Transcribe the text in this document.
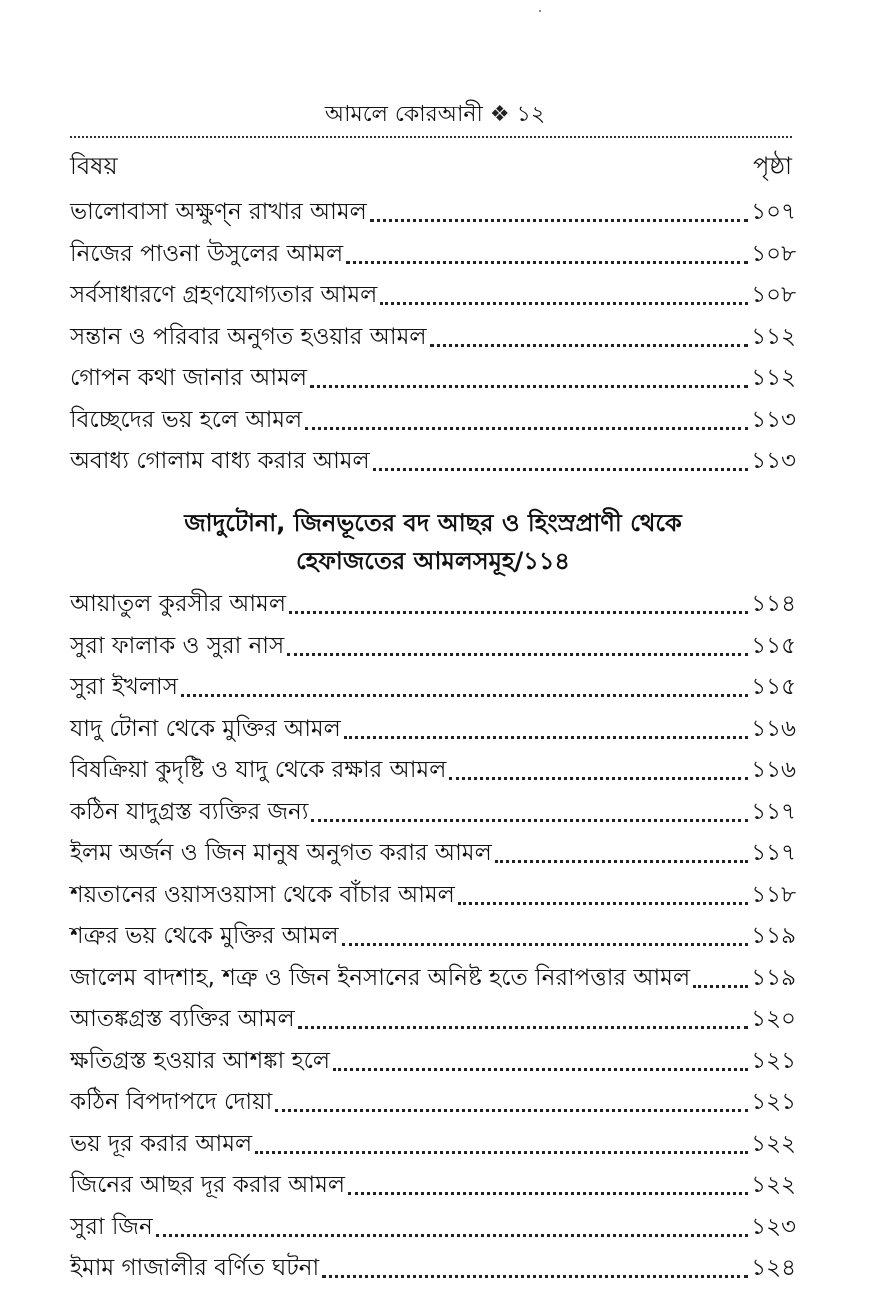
আমলে কোরআনী ❖ ১২
বিষয়	পৃষ্ঠা
ভালোবাসা অক্ষুণ্ন রাখার আমল	১০৭
নিজের পাওনা উসুলের আমল	১০৮
সর্বসাধারণে গ্রহণযোগ্যতার আমল	১০৮
সন্তান ও পরিবার অনুগত হওয়ার আমল	১১২
গোপন কথা জানার আমল	১১২
বিচ্ছেদের ভয় হলে আমল	১১৩
অবাধ্য গোলাম বাধ্য করার আমল	১১৩
জাদুটোনা, জিনভূতের বদ আছর ও হিংস্রপ্রাণী থেকে
হেফাজতের আমলসমূহ/১১৪
আয়াতুল কুরসীর আমল	১১৪
সুরা ফালাক ও সুরা নাস	১১৫
সুরা ইখলাস	১১৫
যাদু টোনা থেকে মুক্তির আমল	১১৬
বিষক্রিয়া কুদৃষ্টি ও যাদু থেকে রক্ষার আমল	১১৬
কঠিন যাদুগ্রস্ত ব্যক্তির জন্য	১১৭
ইলম অর্জন ও জিন মানুষ অনুগত করার আমল	১১৭
শয়তানের ওয়াসওয়াসা থেকে বাঁচার আমল	১১৮
শত্রুর ভয় থেকে মুক্তির আমল	১১৯
জালেম বাদশাহ, শত্রু ও জিন ইনসানের অনিষ্ট হতে নিরাপত্তার আমল	১১৯
আতঙ্কগ্রস্ত ব্যক্তির আমল	১২০
ক্ষতিগ্রস্ত হওয়ার আশঙ্কা হলে	১২১
কঠিন বিপদাপদে দোয়া	১২১
ভয় দূর করার আমল	১২২
জিনের আছর দূর করার আমল	১২২
সুরা জিন	১২৩
ইমাম গাজালীর বর্ণিত ঘটনা	১২৪
